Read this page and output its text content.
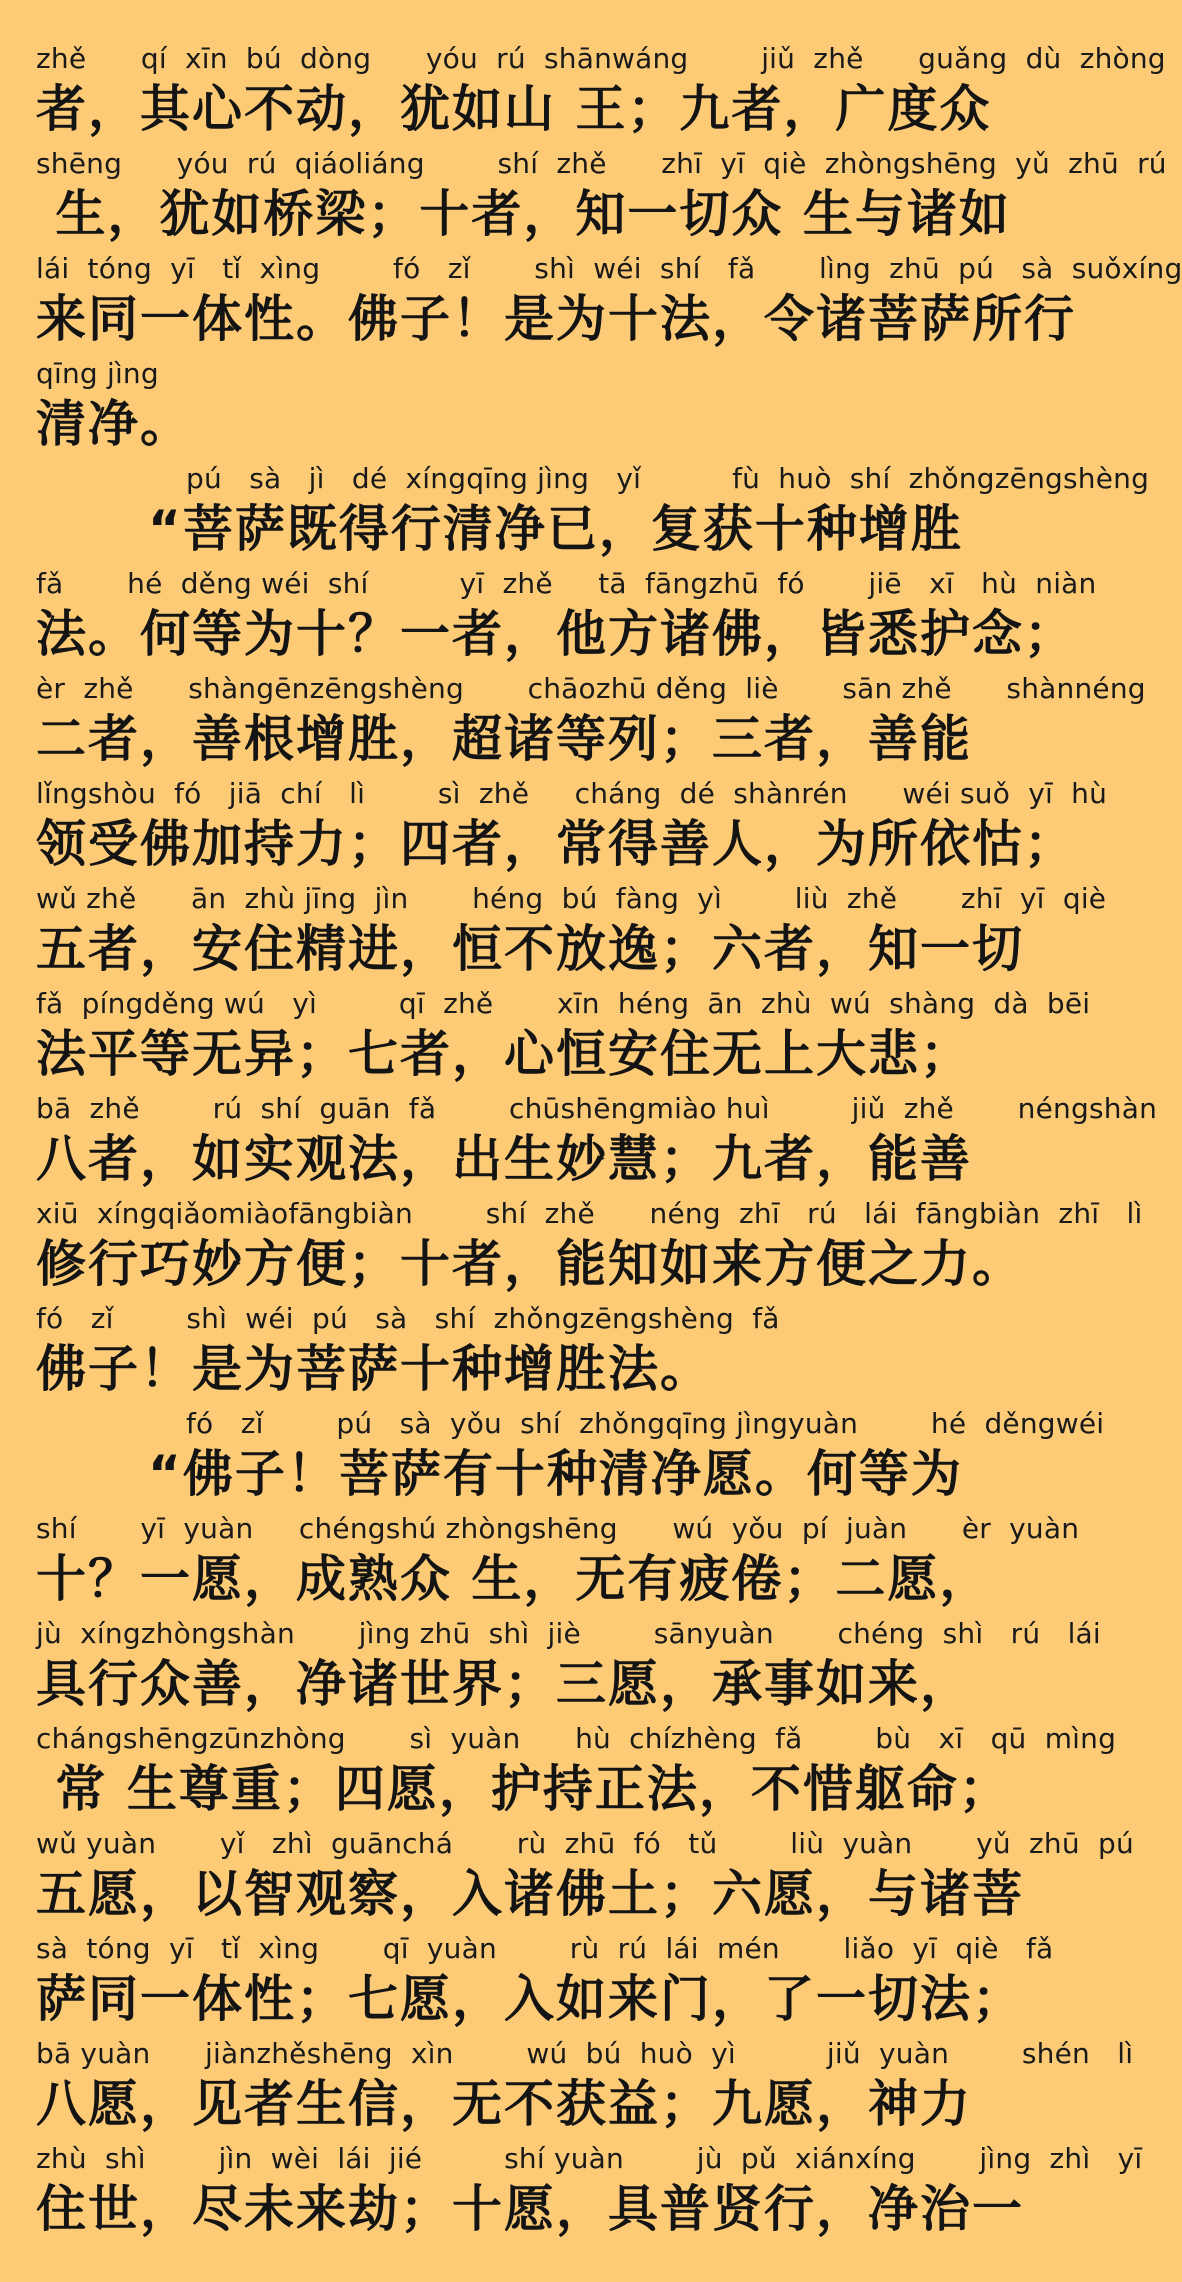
zhě      qí  xīn  bú  dòng      yóu  rú  shānwáng        jiǔ  zhě      guǎng  dù  zhòng
者，其心不动，犹如山 王；九者，广度众
shēng      yóu  rú  qiáoliáng        shí  zhě      zhī  yī  qiè  zhòngshēng  yǔ  zhū  rú
生，犹如桥梁；十者，知一切众 生与诸如
lái  tóng  yī   tǐ  xìng        fó   zǐ       shì  wéi  shí   fǎ       lìng  zhū  pú   sà  suǒxíng
来同一体性。佛子！是为十法，令诸菩萨所行
qīng jìng
清净。
pú   sà   jì   dé  xíngqīng jìng   yǐ          fù  huò  shí  zhǒngzēngshèng
“菩萨既得行清净已，复获十种增胜
fǎ       hé  děng wéi  shí          yī  zhě     tā  fāngzhū  fó       jiē   xī   hù  niàn
法。何等为十？一者，他方诸佛，皆悉护念；
èr  zhě      shàngēnzēngshèng       chāozhū děng  liè       sān zhě      shànnéng
二者，善根增胜，超诸等列；三者，善能
lǐngshòu  fó   jiā  chí   lì        sì  zhě     cháng  dé  shànrén      wéi suǒ  yī  hù
领受佛加持力；四者，常得善人，为所依怙；
wǔ zhě      ān  zhù jīng  jìn       héng  bú  fàng  yì        liù  zhě       zhī  yī  qiè
五者，安住精进，恒不放逸；六者，知一切
fǎ  píngděng wú   yì         qī  zhě       xīn  héng  ān  zhù  wú  shàng  dà  bēi
法平等无异；七者，心恒安住无上大悲；
bā  zhě        rú  shí  guān  fǎ        chūshēngmiào huì         jiǔ  zhě       néngshàn
八者，如实观法，出生妙慧；九者，能善
xiū  xíngqiǎomiàofāngbiàn        shí  zhě      néng  zhī   rú   lái  fāngbiàn  zhī   lì
修行巧妙方便；十者，能知如来方便之力。
fó   zǐ        shì  wéi  pú   sà   shí  zhǒngzēngshèng  fǎ
佛子！是为菩萨十种增胜法。
fó   zǐ        pú   sà  yǒu  shí  zhǒngqīng jìngyuàn        hé  děngwéi
“佛子！菩萨有十种清净愿。何等为
shí       yī  yuàn     chéngshú zhòngshēng      wú  yǒu  pí  juàn      èr  yuàn
十？一愿，成熟众 生，无有疲倦；二愿，
jù  xíngzhòngshàn       jìng zhū  shì  jiè        sānyuàn       chéng  shì   rú   lái
具行众善，净诸世界；三愿，承事如来，
chángshēngzūnzhòng       sì  yuàn      hù  chízhèng  fǎ        bù   xī   qū  mìng
常 生尊重；四愿，护持正法，不惜躯命；
wǔ yuàn       yǐ   zhì  guānchá       rù  zhū  fó   tǔ        liù  yuàn       yǔ  zhū  pú
五愿，以智观察，入诸佛土；六愿，与诸菩
sà  tóng  yī   tǐ  xìng       qī  yuàn        rù  rú  lái  mén       liǎo  yī  qiè   fǎ
萨同一体性；七愿，入如来门，了一切法；
bā yuàn      jiànzhěshēng  xìn        wú  bú  huò  yì          jiǔ  yuàn        shén   lì
八愿，见者生信，无不获益；九愿，神力
zhù  shì        jìn  wèi  lái  jié         shí yuàn        jù  pǔ  xiánxíng       jìng  zhì   yī
住世，尽未来劫；十愿，具普贤行，净治一
